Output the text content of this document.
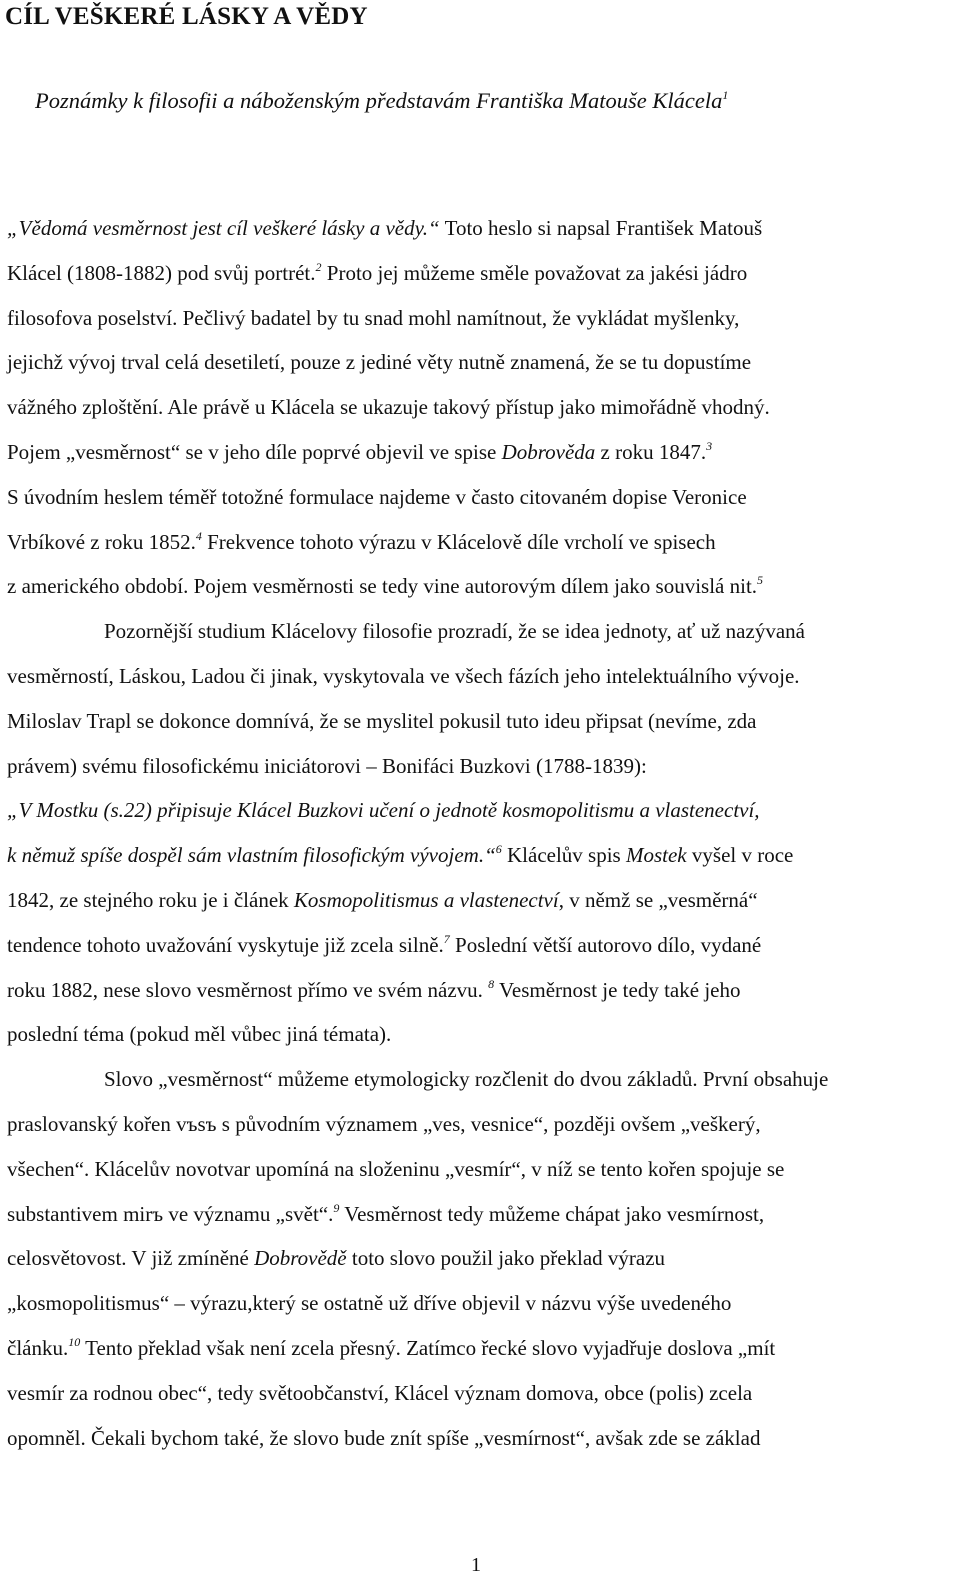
CÍL VEŠKERÉ LÁSKY A VĚDY

Poznámky k filosofii a náboženským představám Františka Matouše Klácela$^1$

„Vědomá vesměrnost jest cíl veškeré lásky a vědy.“ Toto heslo si napsal František Matouš
Klácel (1808-1882) pod svůj portrét.$^2$ Proto jej můžeme směle považovat za jakési jádro
filosofova poselství. Pečlivý badatel by tu snad mohl namítnout, že vykládat myšlenky,
jejichž vývoj trval celá desetiletí, pouze z jediné věty nutně znamená, že se tu dopustíme
vážného zploštění. Ale právě u Klácela se ukazuje takový přístup jako mimořádně vhodný.
Pojem „vesměrnost“ se v jeho díle poprvé objevil ve spise Dobrověda z roku 1847.$^3$
S úvodním heslem téměř totožné formulace najdeme v často citovaném dopise Veronice
Vrbíkové z roku 1852.$^4$ Frekvence tohoto výrazu v Klácelově díle vrcholí ve spisech
z amerického období. Pojem vesměrnosti se tedy vine autorovým dílem jako souvislá nit.$^5$
Pozornější studium Klácelovy filosofie prozradí, že se idea jednoty, ať už nazývaná
vesměrností, Láskou, Ladou či jinak, vyskytovala ve všech fázích jeho intelektuálního vývoje.
Miloslav Trapl se dokonce domnívá, že se myslitel pokusil tuto ideu připsat (nevíme, zda
právem) svému filosofickému iniciátorovi – Bonifáci Buzkovi (1788-1839):
„V Mostku (s.22) připisuje Klácel Buzkovi učení o jednotě kosmopolitismu a vlastenectví,
k němuž spíše dospěl sám vlastním filosofickým vývojem.“$^6$ Klácelův spis Mostek vyšel v roce
1842, ze stejného roku je i článek Kosmopolitismus a vlastenectví, v němž se „vesměrná“
tendence tohoto uvažování vyskytuje již zcela silně.$^7$ Poslední větší autorovo dílo, vydané
roku 1882, nese slovo vesměrnost přímo ve svém názvu. $^8$ Vesměrnost je tedy také jeho
poslední téma (pokud měl vůbec jiná témata).
Slovo „vesměrnost“ můžeme etymologicky rozčlenit do dvou základů. První obsahuje
praslovanský kořen vъsъ s původním významem „ves, vesnice“, později ovšem „veškerý,
všechen“. Klácelův novotvar upomíná na složeninu „vesmír“, v níž se tento kořen spojuje se
substantivem mirъ ve významu „svět“.$^9$ Vesměrnost tedy můžeme chápat jako vesmírnost,
celosvětovost. V již zmíněné Dobrovědě toto slovo použil jako překlad výrazu
„kosmopolitismus“ – výrazu,který se ostatně už dříve objevil v názvu výše uvedeného
článku.$^{10}$ Tento překlad však není zcela přesný. Zatímco řecké slovo vyjadřuje doslova „mít
vesmír za rodnou obec“, tedy světoobčanství, Klácel význam domova, obce (polis) zcela
opomněl. Čekali bychom také, že slovo bude znít spíše „vesmírnost“, avšak zde se základ
1
